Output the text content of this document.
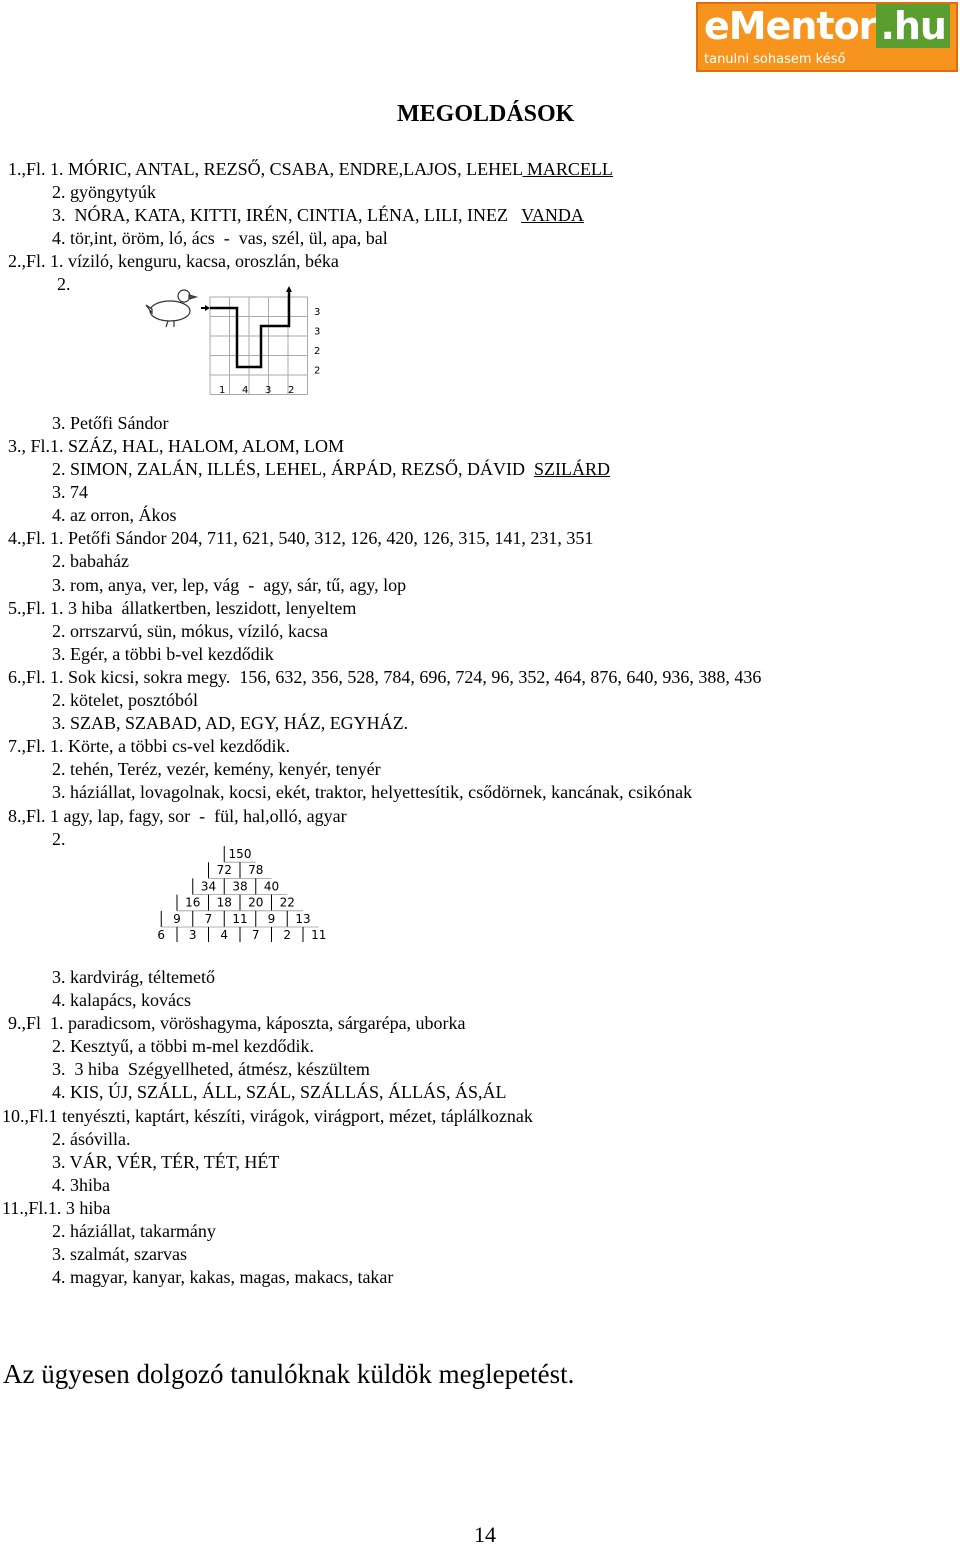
eMentor .hu
tanulni sohasem késő
MEGOLDÁSOK
1.,Fl. 1. MÓRIC, ANTAL, REZSŐ, CSABA, ENDRE,LAJOS, LEHEL MARCELL
2. gyöngytyúk
3.  NÓRA, KATA, KITTI, IRÉN, CINTIA, LÉNA, LILI, INEZ   VANDA
4. tör,int, öröm, ló, ács  -  vas, szél, ül, apa, bal
2.,Fl. 1. víziló, kenguru, kacsa, oroszlán, béka
2.
3. Petőfi Sándor
3., Fl.1. SZÁZ, HAL, HALOM, ALOM, LOM
2. SIMON, ZALÁN, ILLÉS, LEHEL, ÁRPÁD, REZSŐ, DÁVID  SZILÁRD
3. 74
4. az orron, Ákos
4.,Fl. 1. Petőfi Sándor 204, 711, 621, 540, 312, 126, 420, 126, 315, 141, 231, 351
2. babaház
3. rom, anya, ver, lep, vág  -  agy, sár, tű, agy, lop
5.,Fl. 1. 3 hiba  állatkertben, leszidott, lenyeltem
2. orrszarvú, sün, mókus, víziló, kacsa
3. Egér, a többi b-vel kezdődik
6.,Fl. 1. Sok kicsi, sokra megy.  156, 632, 356, 528, 784, 696, 724, 96, 352, 464, 876, 640, 936, 388, 436
2. kötelet, posztóból
3. SZAB, SZABAD, AD, EGY, HÁZ, EGYHÁZ.
7.,Fl. 1. Körte, a többi cs-vel kezdődik.
2. tehén, Teréz, vezér, kemény, kenyér, tenyér
3. háziállat, lovagolnak, kocsi, ekét, traktor, helyettesítik, csődörnek, kancának, csikónak
8.,Fl. 1 agy, lap, fagy, sor  -  fül, hal,olló, agyar
2.
3. kardvirág, téltemető
4. kalapács, kovács
9.,Fl  1. paradicsom, vöröshagyma, káposzta, sárgarépa, uborka
2. Kesztyű, a többi m-mel kezdődik.
3.  3 hiba  Szégyellheted, átmész, készültem
4. KIS, ÚJ, SZÁLL, ÁLL, SZÁL, SZÁLLÁS, ÁLLÁS, ÁS,ÁL
10.,Fl.1 tenyészti, kaptárt, készíti, virágok, virágport, mézet, táplálkoznak
2. ásóvilla.
3. VÁR, VÉR, TÉR, TÉT, HÉT
4. 3hiba
11.,Fl.1. 3 hiba
2. háziállat, takarmány
3. szalmát, szarvas
4. magyar, kanyar, kakas, magas, makacs, takar
3
3
2
2
1 4 3 2
150
72 78
34 38 40
16 18 20 22
9 7 11 9 13
6 3 4 7 2 11
Az ügyesen dolgozó tanulóknak küldök meglepetést.
14
